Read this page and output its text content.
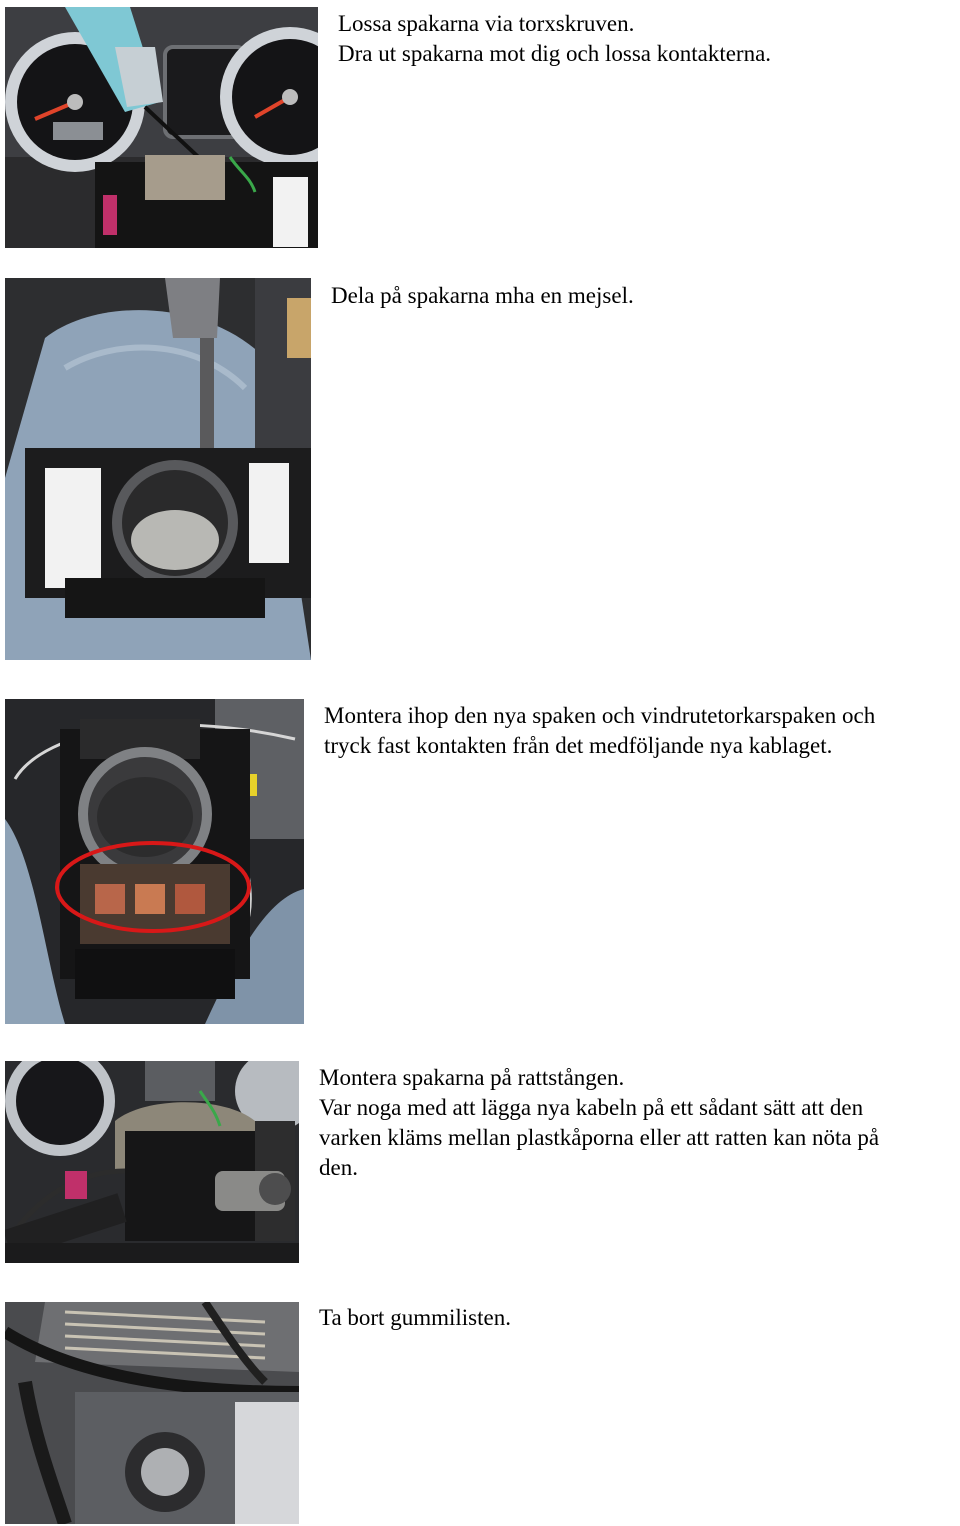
Lossa spakarna via torxskruven.
Dra ut spakarna mot dig och lossa kontakterna.
Dela på spakarna mha en mejsel.
Montera ihop den nya spaken och vindrutetorkarspaken och
tryck fast kontakten från det medföljande nya kablaget.
Montera spakarna på rattstången.
Var noga med att lägga nya kabeln på ett sådant sätt att den
varken kläms mellan plastkåporna eller att ratten kan nöta på
den.
Ta bort gummilisten.
